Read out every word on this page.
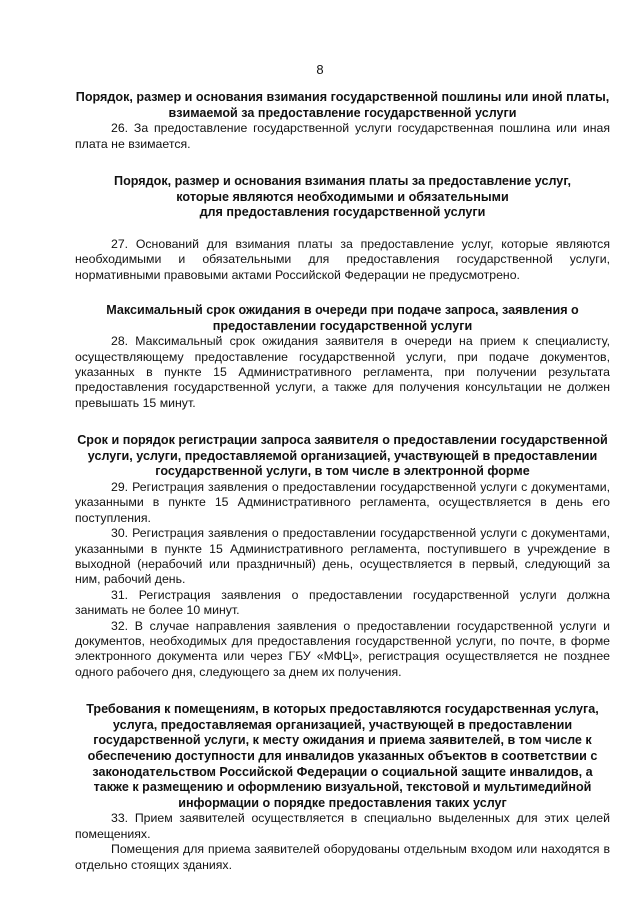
8

Порядок, размер и основания взимания государственной пошлины или иной платы, взимаемой за предоставление государственной услуги

26. За предоставление государственной услуги государственная пошлина или иная плата не взимается.

Порядок, размер и основания взимания платы за предоставление услуг,

которые являются необходимыми и обязательными

для предоставления государственной услуги

27. Оснований для взимания платы за предоставление услуг, которые являются необходимыми и обязательными для предоставления государственной услуги, нормативными правовыми актами Российской Федерации не предусмотрено.

Максимальный срок ожидания в очереди при подаче запроса, заявления о предоставлении государственной услуги

28. Максимальный срок ожидания заявителя в очереди на прием к специалисту, осуществляющему предоставление государственной услуги, при подаче документов, указанных в пункте 15 Административного регламента, при получении результата предоставления государственной услуги, а также для получения консультации не должен превышать 15 минут.

Срок и порядок регистрации запроса заявителя о предоставлении государственной услуги, услуги, предоставляемой организацией, участвующей в предоставлении государственной услуги, в том числе в электронной форме

29. Регистрация заявления о предоставлении государственной услуги с документами, указанными в пункте 15 Административного регламента, осуществляется в день его поступления.

30. Регистрация заявления о предоставлении государственной услуги с документами, указанными в пункте 15 Административного регламента, поступившего в учреждение в выходной (нерабочий или праздничный) день, осуществляется в первый, следующий за ним, рабочий день.

31. Регистрация заявления о предоставлении государственной услуги должна занимать не более 10 минут.

32. В случае направления заявления о предоставлении государственной услуги и документов, необходимых для предоставления государственной услуги, по почте, в форме электронного документа или через ГБУ «МФЦ», регистрация осуществляется не позднее одного рабочего дня, следующего за днем их получения.

Требования к помещениям, в которых предоставляются государственная услуга, услуга, предоставляемая организацией, участвующей в предоставлении государственной услуги, к месту ожидания и приема заявителей, в том числе к обеспечению доступности для инвалидов указанных объектов в соответствии с законодательством Российской Федерации о социальной защите инвалидов, а также к размещению и оформлению визуальной, текстовой и мультимедийной информации о порядке предоставления таких услуг

33. Прием заявителей осуществляется в специально выделенных для этих целей помещениях.

Помещения для приема заявителей оборудованы отдельным входом или находятся в отдельно стоящих зданиях.
